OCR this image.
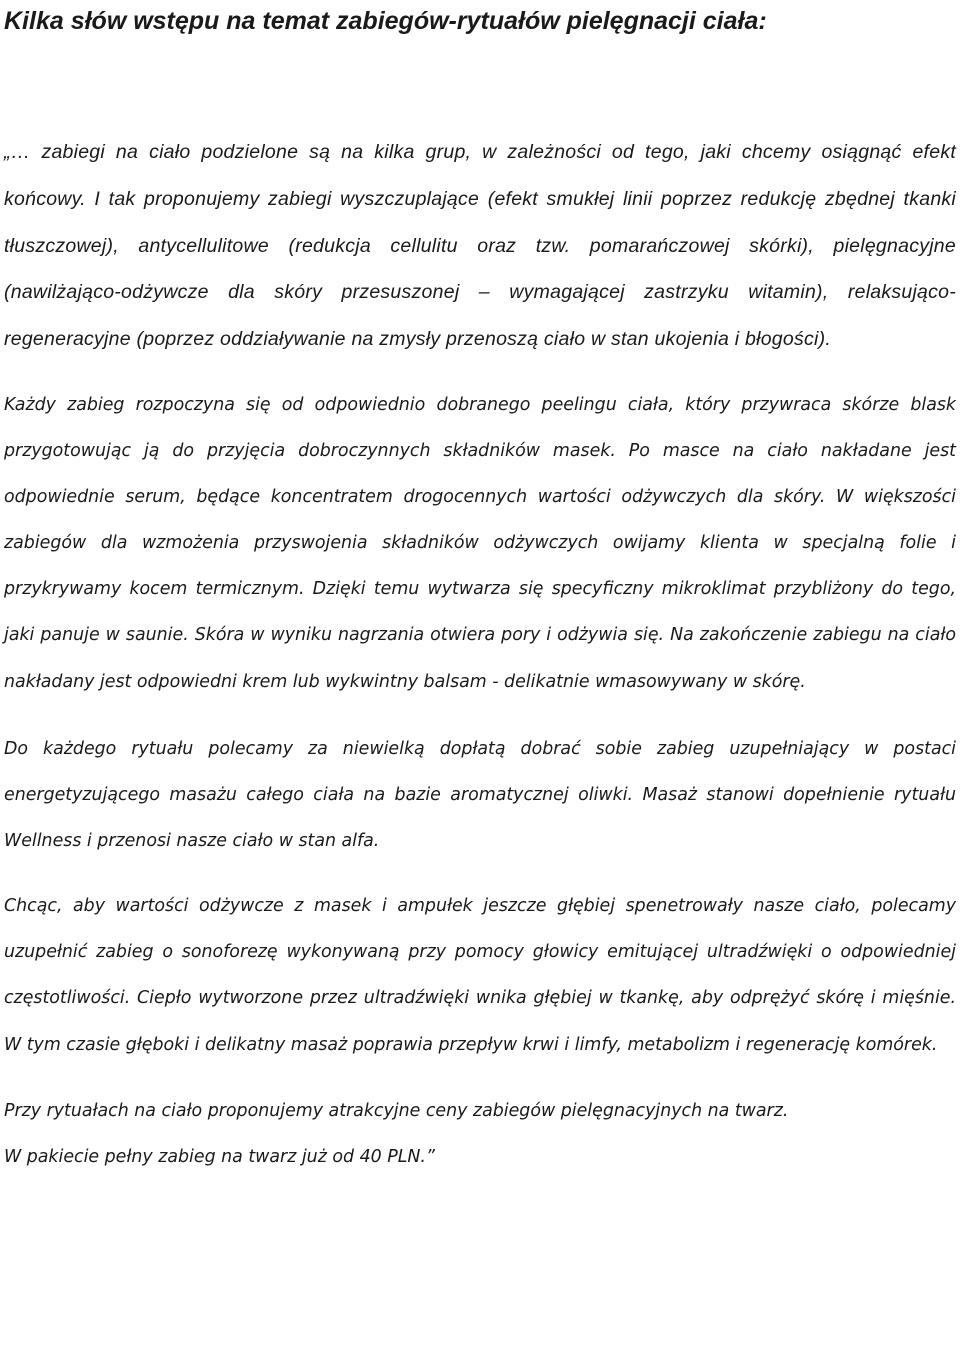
Kilka słów wstępu na temat zabiegów-rytuałów pielęgnacji ciała:

„… zabiegi na ciało podzielone są na kilka grup, w zależności od tego, jaki chcemy osiągnąć efekt końcowy. I tak proponujemy zabiegi wyszczuplające (efekt smukłej linii poprzez redukcję zbędnej tkanki tłuszczowej), antycellulitowe (redukcja cellulitu oraz tzw. pomarańczowej skórki), pielęgnacyjne (nawilżająco-odżywcze dla skóry przesuszonej – wymagającej zastrzyku witamin), relaksująco-regeneracyjne (poprzez oddziaływanie na zmysły przenoszą ciało w stan ukojenia i błogości).

Każdy zabieg rozpoczyna się od odpowiednio dobranego peelingu ciała, który przywraca skórze blask przygotowując ją do przyjęcia dobroczynnych składników masek. Po masce na ciało nakładane jest odpowiednie serum, będące koncentratem drogocennych wartości odżywczych dla skóry. W większości zabiegów dla wzmożenia przyswojenia składników odżywczych owijamy klienta w specjalną folie i przykrywamy kocem termicznym. Dzięki temu wytwarza się specyficzny mikroklimat przybliżony do tego, jaki panuje w saunie. Skóra w wyniku nagrzania otwiera pory i odżywia się. Na zakończenie zabiegu na ciało nakładany jest odpowiedni krem lub wykwintny balsam - delikatnie wmasowywany w skórę.

Do każdego rytuału polecamy za niewielką dopłatą dobrać sobie zabieg uzupełniający w postaci energetyzującego masażu całego ciała na bazie aromatycznej oliwki. Masaż stanowi dopełnienie rytuału Wellness i przenosi nasze ciało w stan alfa.

Chcąc, aby wartości odżywcze z masek i ampułek jeszcze głębiej spenetrowały nasze ciało, polecamy uzupełnić zabieg o sonoforezę wykonywaną przy pomocy głowicy emitującej ultradźwięki o odpowiedniej częstotliwości. Ciepło wytworzone przez ultradźwięki wnika głębiej w tkankę, aby odprężyć skórę i mięśnie. W tym czasie głęboki i delikatny masaż poprawia przepływ krwi i limfy, metabolizm i regenerację komórek.

Przy rytuałach na ciało proponujemy atrakcyjne ceny zabiegów pielęgnacyjnych na twarz.
W pakiecie pełny zabieg na twarz już od 40 PLN.”
